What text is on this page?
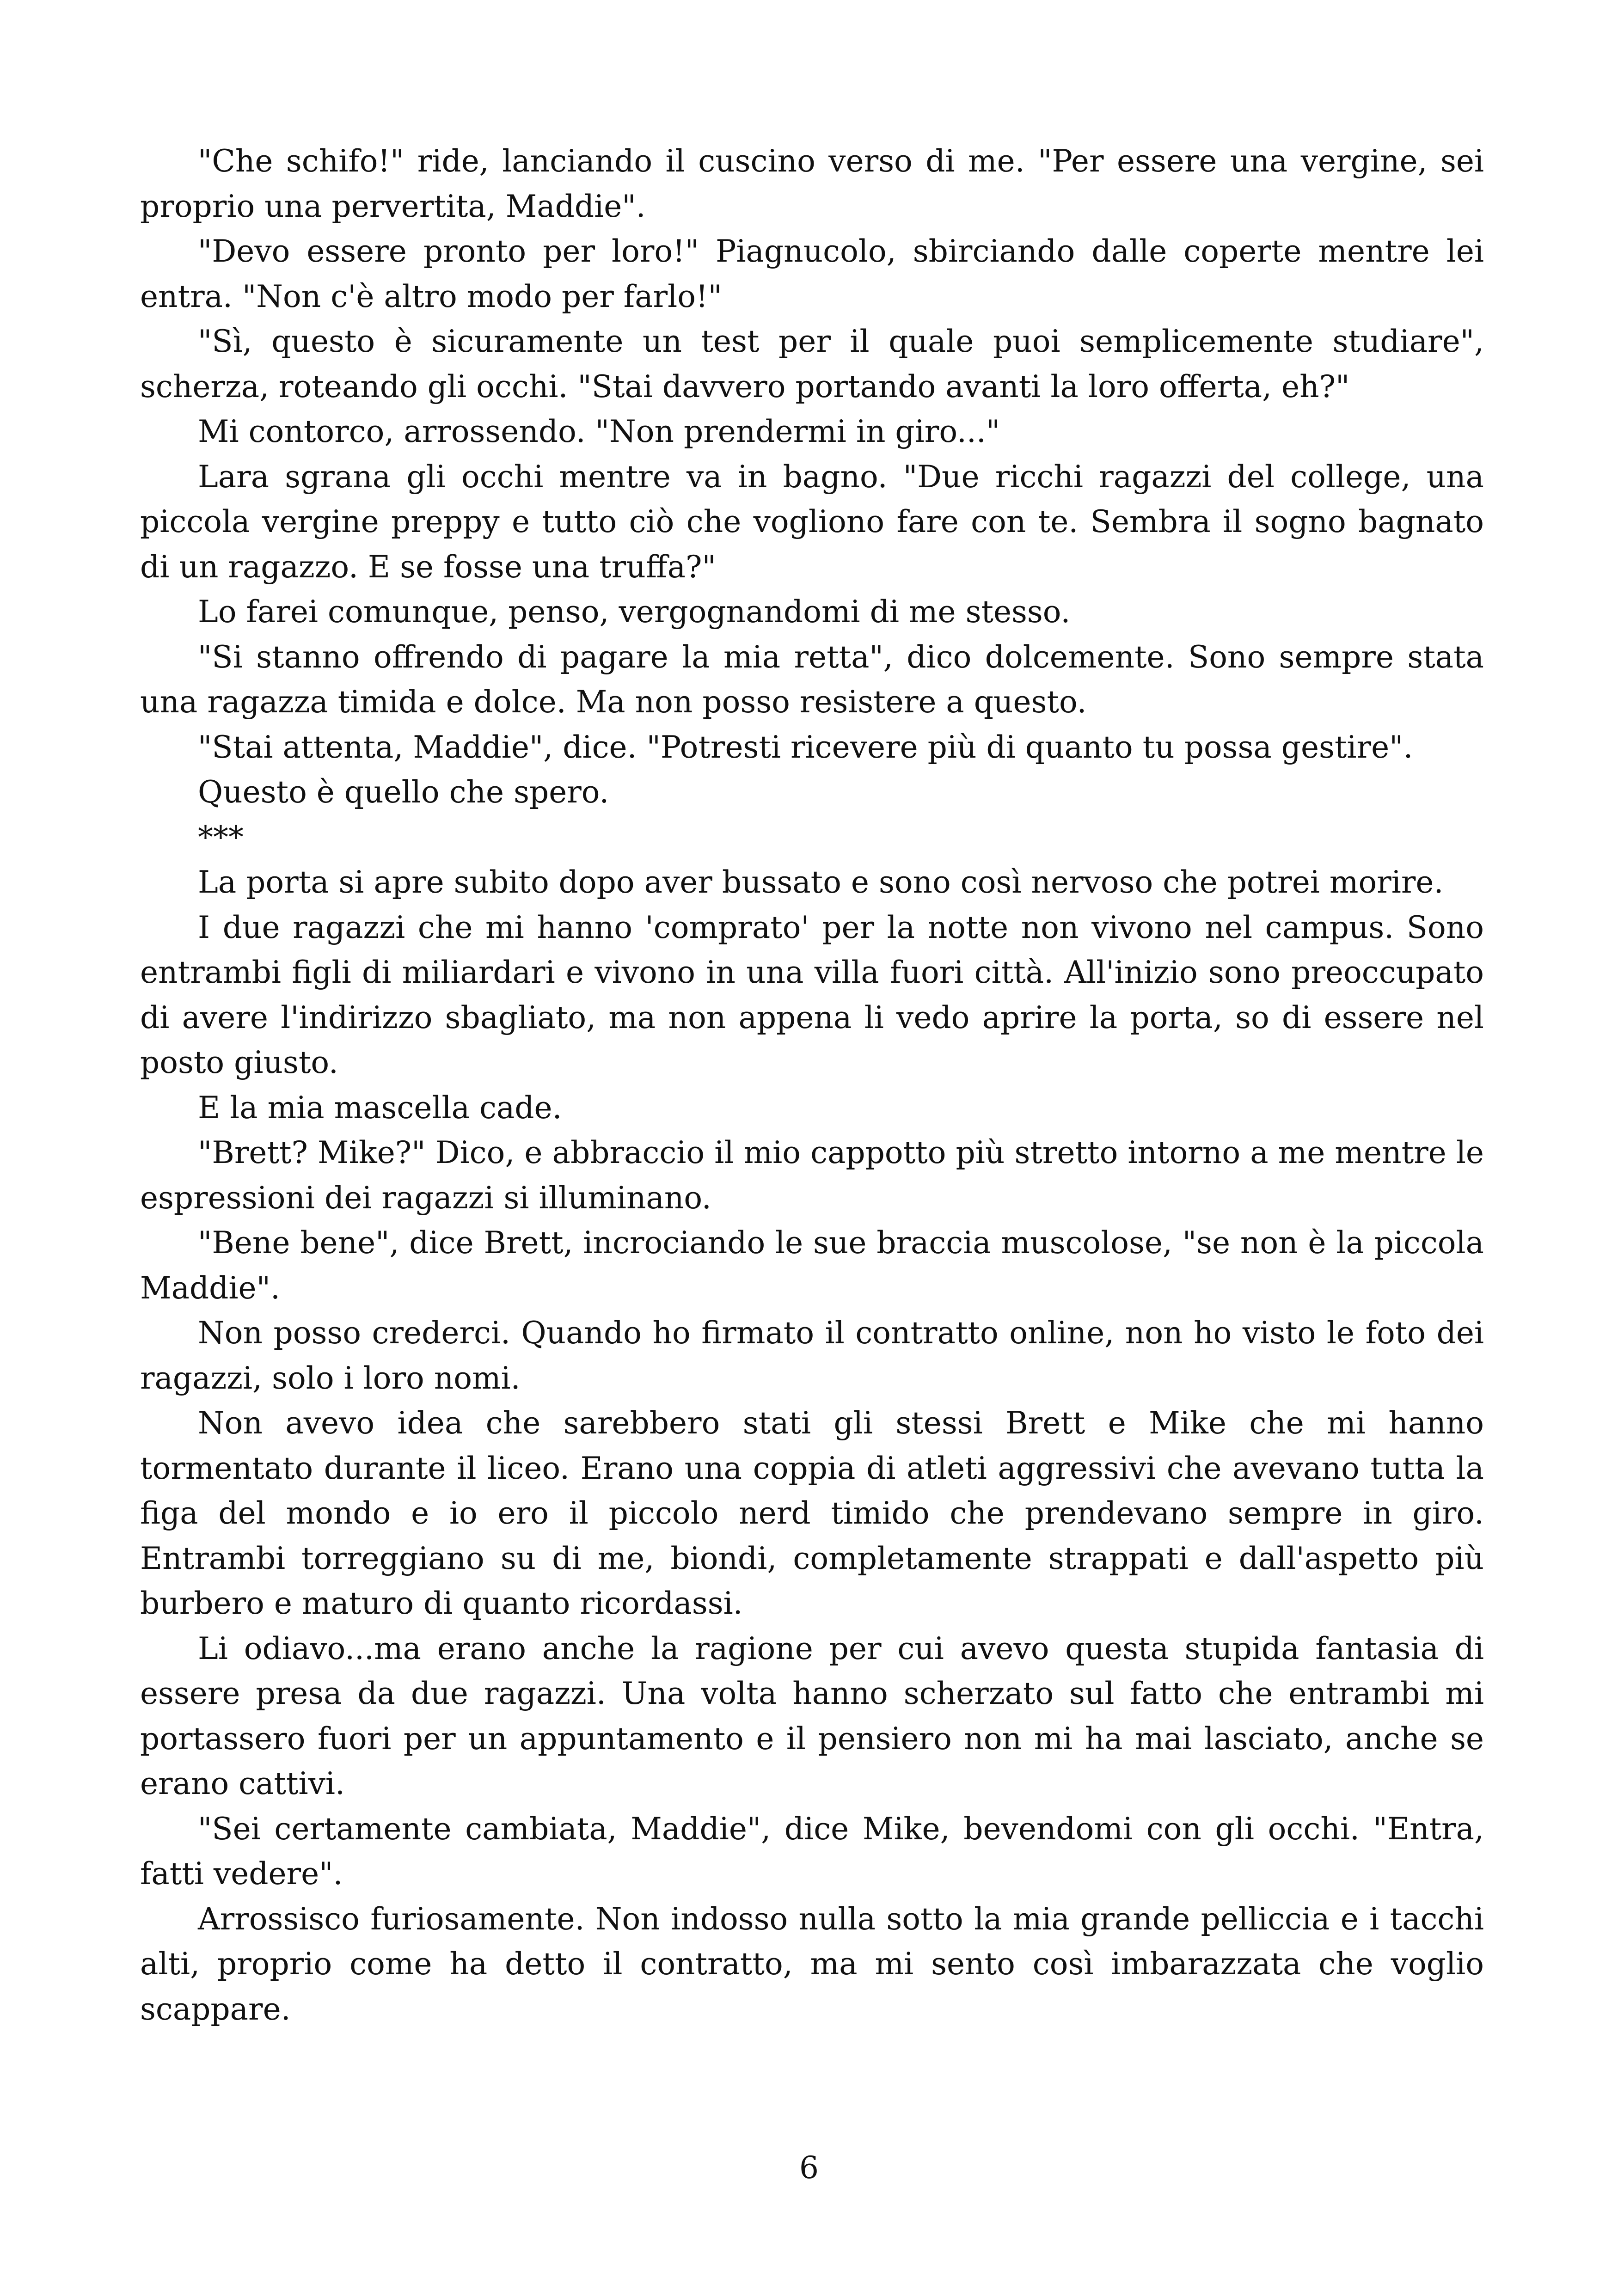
"Che schifo!" ride, lanciando il cuscino verso di me. "Per essere una vergine, sei proprio una pervertita, Maddie".

"Devo essere pronto per loro!" Piagnucolo, sbirciando dalle coperte mentre lei entra. "Non c'è altro modo per farlo!"

"Sì, questo è sicuramente un test per il quale puoi semplicemente studiare", scherza, roteando gli occhi. "Stai davvero portando avanti la loro offerta, eh?"

Mi contorco, arrossendo. "Non prendermi in giro..."

Lara sgrana gli occhi mentre va in bagno. "Due ricchi ragazzi del college, una piccola vergine preppy e tutto ciò che vogliono fare con te. Sembra il sogno bagnato di un ragazzo. E se fosse una truffa?"

Lo farei comunque, penso, vergognandomi di me stesso.

"Si stanno offrendo di pagare la mia retta", dico dolcemente. Sono sempre stata una ragazza timida e dolce. Ma non posso resistere a questo.

"Stai attenta, Maddie", dice. "Potresti ricevere più di quanto tu possa gestire".

Questo è quello che spero.

***

La porta si apre subito dopo aver bussato e sono così nervoso che potrei morire.

I due ragazzi che mi hanno 'comprato' per la notte non vivono nel campus. Sono entrambi figli di miliardari e vivono in una villa fuori città. All'inizio sono preoccupato di avere l'indirizzo sbagliato, ma non appena li vedo aprire la porta, so di essere nel posto giusto.

E la mia mascella cade.

"Brett? Mike?" Dico, e abbraccio il mio cappotto più stretto intorno a me mentre le espressioni dei ragazzi si illuminano.

"Bene bene", dice Brett, incrociando le sue braccia muscolose, "se non è la piccola Maddie".

Non posso crederci. Quando ho firmato il contratto online, non ho visto le foto dei ragazzi, solo i loro nomi.

Non avevo idea che sarebbero stati gli stessi Brett e Mike che mi hanno tormentato durante il liceo. Erano una coppia di atleti aggressivi che avevano tutta la figa del mondo e io ero il piccolo nerd timido che prendevano sempre in giro. Entrambi torreggiano su di me, biondi, completamente strappati e dall'aspetto più burbero e maturo di quanto ricordassi.

Li odiavo...ma erano anche la ragione per cui avevo questa stupida fantasia di essere presa da due ragazzi. Una volta hanno scherzato sul fatto che entrambi mi portassero fuori per un appuntamento e il pensiero non mi ha mai lasciato, anche se erano cattivi.

"Sei certamente cambiata, Maddie", dice Mike, bevendomi con gli occhi. "Entra, fatti vedere".

Arrossisco furiosamente. Non indosso nulla sotto la mia grande pelliccia e i tacchi alti, proprio come ha detto il contratto, ma mi sento così imbarazzata che voglio scappare.

6
